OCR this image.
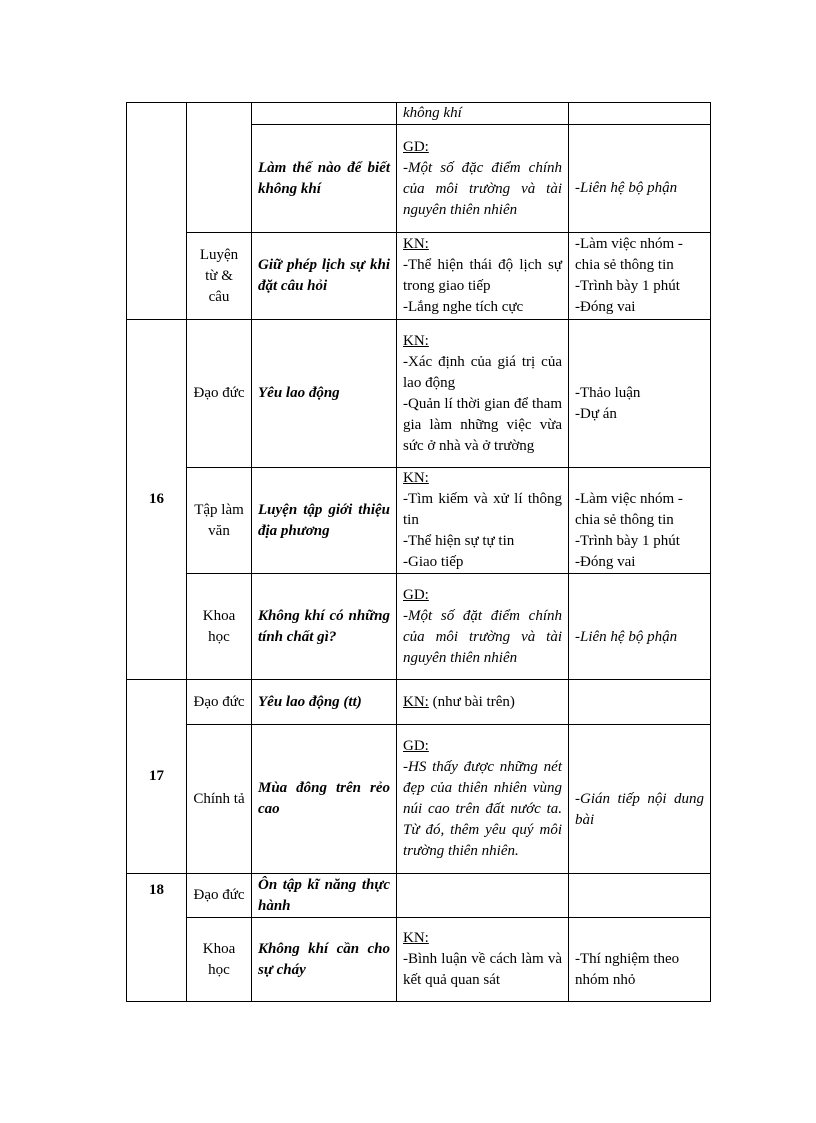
			không khí	

		Làm thế nào để biết không khí	GD:
-Một số đặc điểm chính của môi trường và tài nguyên thiên nhiên	-Liên hệ bộ phận

	Luyện từ & câu	Giữ phép lịch sự khi đặt câu hỏi	KN:
-Thể hiện thái độ lịch sự trong giao tiếp
-Lắng nghe tích cực	-Làm việc nhóm - chia sẻ thông tin
-Trình bày 1 phút
-Đóng vai

16	Đạo đức	Yêu lao động	KN:
-Xác định của giá trị của lao động
-Quản lí thời gian để tham gia làm những việc vừa sức ở nhà và ở trường	-Thảo luận
-Dự án

	Tập làm văn	Luyện tập giới thiệu địa phương	KN:
-Tìm kiếm và xử lí thông tin
-Thể hiện sự tự tin
-Giao tiếp	-Làm việc nhóm - chia sẻ thông tin
-Trình bày 1 phút
-Đóng vai

	Khoa học	Không khí có những tính chất gì?	GD:
-Một số đặt điểm chính của môi trường và tài nguyên thiên nhiên	-Liên hệ bộ phận

17	Đạo đức	Yêu lao động (tt)	KN: (như bài trên)	
	Chính tả	Mùa đông trên rẻo cao	GD:
-HS thấy được những nét đẹp của thiên nhiên vùng núi cao trên đất nước ta. Từ đó, thêm yêu quý môi trường thiên nhiên.	-Gián tiếp nội dung bài

18	Đạo đức	Ôn tập kĩ năng thực hành		
	Khoa học	Không khí cần cho sự cháy	KN:
-Bình luận về cách làm và kết quả quan sát	-Thí nghiệm theo nhóm nhỏ
